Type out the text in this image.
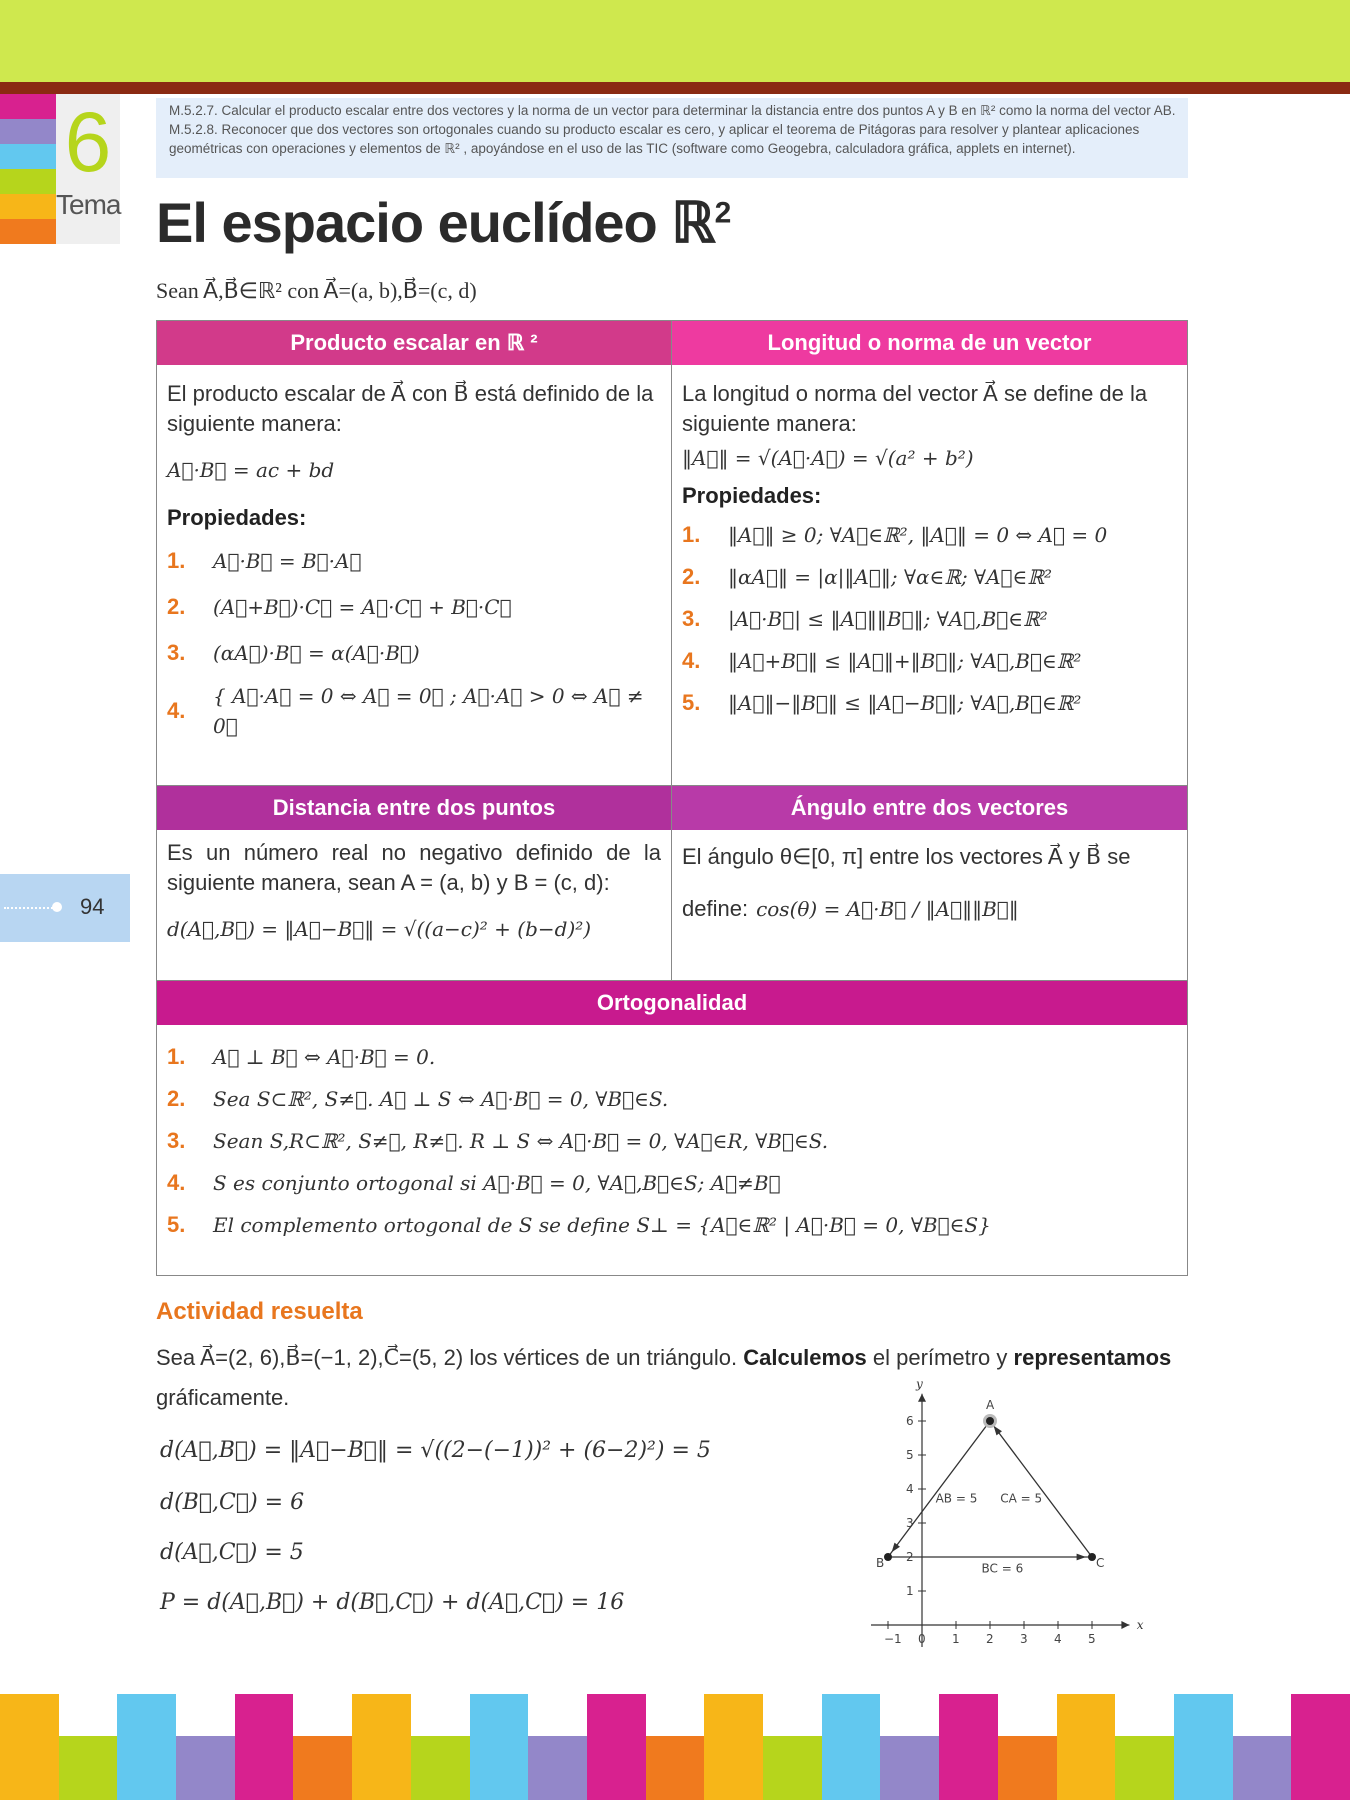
6
Tema
M.5.2.7. Calcular el producto escalar entre dos vectores y la norma de un vector para determinar la distancia entre dos puntos A y B en ℝ² como la norma del vector AB.
M.5.2.8. Reconocer que dos vectores son ortogonales cuando su producto escalar es cero, y aplicar el teorema de Pitágoras para resolver y plantear aplicaciones geométricas con operaciones y elementos de ℝ² , apoyándose en el uso de las TIC (software como Geogebra, calculadora gráfica, applets en internet).
El espacio euclídeo ℝ$^2$
Sean A⃗,B⃗∈ℝ² con A⃗=(a, b),B⃗=(c, d)
Producto escalar en ℝ ²	Longitud o norma de un vector
El producto escalar de A⃗ con B⃗ está definido de la siguiente manera:
A⃗·B⃗ = ac + bd
Propiedades:
1.	A⃗·B⃗ = B⃗·A⃗
2.	(A⃗+B⃗)·C⃗ = A⃗·C⃗ + B⃗·C⃗
3.	(αA⃗)·B⃗ = α(A⃗·B⃗)
4.
{ A⃗·A⃗ = 0 ⇔ A⃗ = 0⃗ ; A⃗·A⃗ > 0 ⇔ A⃗ ≠ 0⃗
La longitud o norma del vector A⃗ se define de la siguiente manera:
‖A⃗‖ = √(A⃗·A⃗) = √(a² + b²)
Propiedades:
1.	‖A⃗‖ ≥ 0; ∀A⃗∈ℝ², ‖A⃗‖ = 0 ⇔ A⃗ = 0
2.	‖αA⃗‖ = |α|‖A⃗‖; ∀α∈ℝ; ∀A⃗∈ℝ²
3.	|A⃗·B⃗| ≤ ‖A⃗‖‖B⃗‖; ∀A⃗,B⃗∈ℝ²
4.	‖A⃗+B⃗‖ ≤ ‖A⃗‖+‖B⃗‖; ∀A⃗,B⃗∈ℝ²
5.	‖A⃗‖−‖B⃗‖ ≤ ‖A⃗−B⃗‖; ∀A⃗,B⃗∈ℝ²
Distancia entre dos puntos	Ángulo entre dos vectores
Es un número real no negativo definido de la siguiente manera, sean A = (a, b) y B = (c, d):
d(A⃗,B⃗) = ‖A⃗−B⃗‖ = √((a−c)² + (b−d)²)
El ángulo θ∈[0, π] entre los vectores A⃗ y B⃗ se
define: cos(θ) = A⃗·B⃗ / ‖A⃗‖‖B⃗‖
Ortogonalidad
1.	A⃗ ⊥ B⃗ ⇔ A⃗·B⃗ = 0.
2.	Sea S⊂ℝ², S≠∅. A⃗ ⊥ S ⇔ A⃗·B⃗ = 0, ∀B⃗∈S.
3.	Sean S,R⊂ℝ², S≠∅, R≠∅. R ⊥ S ⇔ A⃗·B⃗ = 0, ∀A⃗∈R, ∀B⃗∈S.
4.	S es conjunto ortogonal si A⃗·B⃗ = 0, ∀A⃗,B⃗∈S; A⃗≠B⃗
5.	El complemento ortogonal de S se define S⊥ = {A⃗∈ℝ² | A⃗·B⃗ = 0, ∀B⃗∈S}
Actividad resuelta
Sea A⃗=(2, 6),B⃗=(−1, 2),C⃗=(5, 2) los vértices de un triángulo. Calculemos el perímetro y representamos
gráficamente.
d(A⃗,B⃗) = ‖A⃗−B⃗‖ = √((2−(−1))² + (6−2)²) = 5
d(B⃗,C⃗) = 6
d(A⃗,C⃗) = 5
P = d(A⃗,B⃗) + d(B⃗,C⃗) + d(A⃗,C⃗) = 16
x
y
−1 0 1 2 3 4 5
1
2
3
4
5
6
A
B	C
AB = 5 CA = 5
BC = 6
94
